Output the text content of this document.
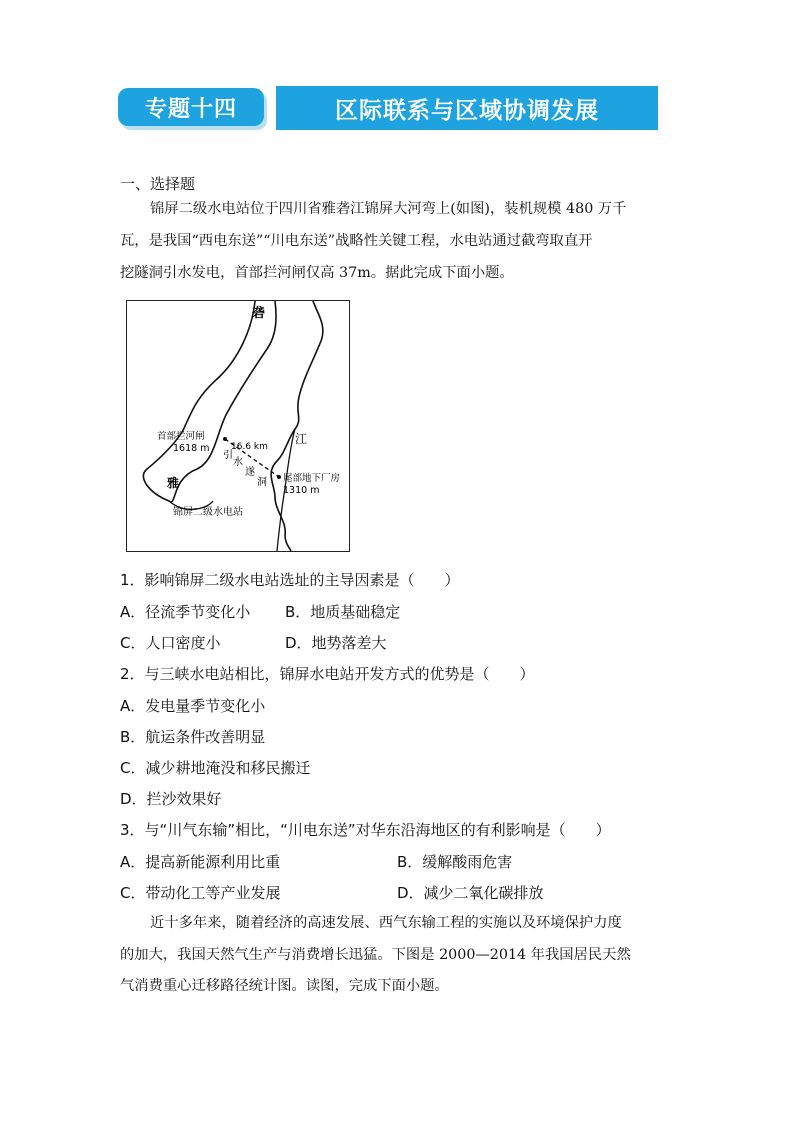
专题十四	区际联系与区域协调发展
一、选择题
锦屏二级水电站位于四川省雅砻江锦屏大河弯上(如图)，装机规模 480 万千
瓦，是我国“西电东送”“川电东送”战略性关键工程，水电站通过截弯取直开
挖隧洞引水发电，首部拦河闸仅高 37m。据此完成下面小题。
砻
江
雅
首部拦河闸
1618 m 16.6 km
引
水
遂
洞 尾部地下厂房
1310 m
锦屏二级水电站
1．影响锦屏二级水电站选址的主导因素是（　　）
A．径流季节变化小 B．地质基础稳定
C．人口密度小	D．地势落差大
2．与三峡水电站相比，锦屏水电站开发方式的优势是（　　）
A．发电量季节变化小
B．航运条件改善明显
C．减少耕地淹没和移民搬迁
D．拦沙效果好
3．与“川气东输”相比，“川电东送”对华东沿海地区的有利影响是（　　）
A．提高新能源利用比重	B．缓解酸雨危害
C．带动化工等产业发展	D．减少二氧化碳排放
近十多年来，随着经济的高速发展、西气东输工程的实施以及环境保护力度
的加大，我国天然气生产与消费增长迅猛。下图是 2000—2014 年我国居民天然
气消费重心迁移路径统计图。读图，完成下面小题。
